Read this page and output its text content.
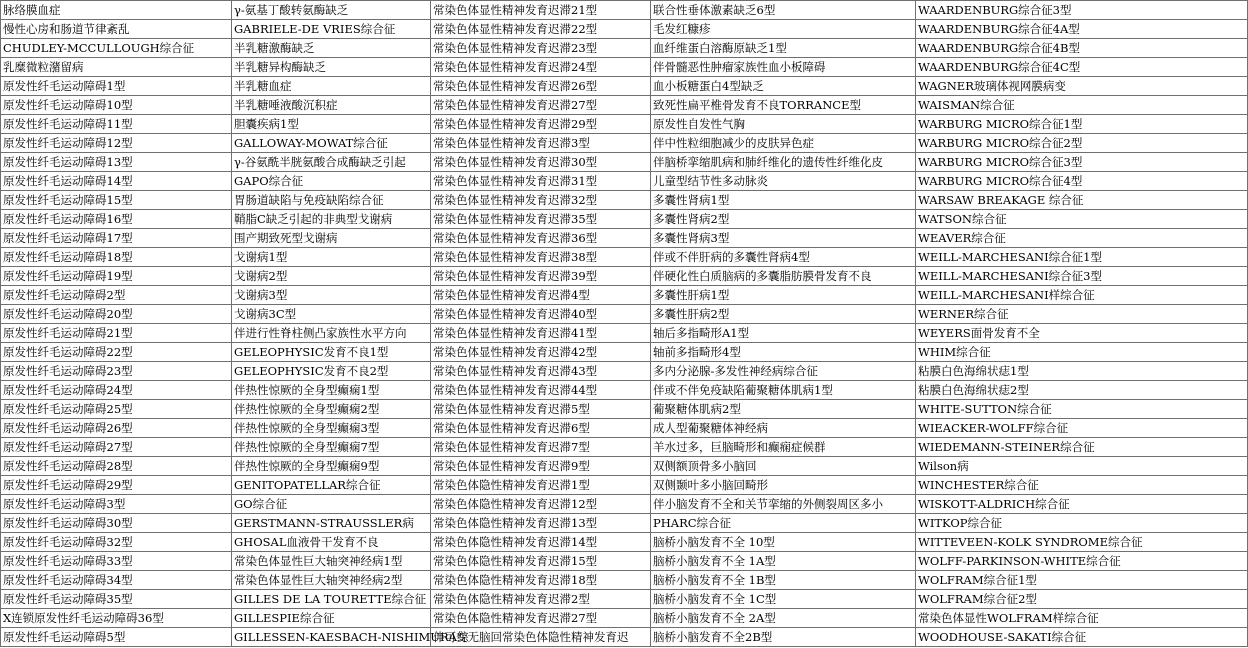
脉络膜血症	γ-氨基丁酸转氨酶缺乏	常染色体显性精神发育迟滞21型	联合性垂体激素缺乏6型	WAARDENBURG综合征3型
慢性心房和肠道节律紊乱	GABRIELE-DE VRIES综合征	常染色体显性精神发育迟滞22型	毛发红糠疹	WAARDENBURG综合征4A型
CHUDLEY-MCCULLOUGH综合征	半乳糖激酶缺乏	常染色体显性精神发育迟滞23型	血纤维蛋白溶酶原缺乏1型	WAARDENBURG综合征4B型
乳糜微粒潴留病	半乳糖异构酶缺乏	常染色体显性精神发育迟滞24型	伴骨髓恶性肿瘤家族性血小板障碍	WAARDENBURG综合征4C型
原发性纤毛运动障碍1型	半乳糖血症	常染色体显性精神发育迟滞26型	血小板糖蛋白4型缺乏	WAGNER玻璃体视网膜病变
原发性纤毛运动障碍10型	半乳糖唾液酸沉积症	常染色体显性精神发育迟滞27型	致死性扁平椎骨发育不良TORRANCE型	WAISMAN综合征
原发性纤毛运动障碍11型	胆囊疾病1型	常染色体显性精神发育迟滞29型	原发性自发性气胸	WARBURG MICRO综合征1型
原发性纤毛运动障碍12型	GALLOWAY-MOWAT综合征	常染色体显性精神发育迟滞3型	伴中性粒细胞减少的皮肤异色症	WARBURG MICRO综合征2型
原发性纤毛运动障碍13型	γ-谷氨酰半胱氨酸合成酶缺乏引起	常染色体显性精神发育迟滞30型	伴脑桥挛缩肌病和肺纤维化的遗传性纤维化皮	WARBURG MICRO综合征3型
原发性纤毛运动障碍14型	GAPO综合征	常染色体显性精神发育迟滞31型	儿童型结节性多动脉炎	WARBURG MICRO综合征4型
原发性纤毛运动障碍15型	胃肠道缺陷与免疫缺陷综合征	常染色体显性精神发育迟滞32型	多囊性肾病1型	WARSAW BREAKAGE 综合征
原发性纤毛运动障碍16型	鞘脂C缺乏引起的非典型戈谢病	常染色体显性精神发育迟滞35型	多囊性肾病2型	WATSON综合征
原发性纤毛运动障碍17型	围产期致死型戈谢病	常染色体显性精神发育迟滞36型	多囊性肾病3型	WEAVER综合征
原发性纤毛运动障碍18型	戈谢病1型	常染色体显性精神发育迟滞38型	伴或不伴肝病的多囊性肾病4型	WEILL-MARCHESANI综合征1型
原发性纤毛运动障碍19型	戈谢病2型	常染色体显性精神发育迟滞39型	伴硬化性白质脑病的多囊脂肪膜骨发育不良	WEILL-MARCHESANI综合征3型
原发性纤毛运动障碍2型	戈谢病3型	常染色体显性精神发育迟滞4型	多囊性肝病1型	WEILL-MARCHESANI样综合征
原发性纤毛运动障碍20型	戈谢病3C型	常染色体显性精神发育迟滞40型	多囊性肝病2型	WERNER综合征
原发性纤毛运动障碍21型	伴进行性脊柱侧凸家族性水平方向	常染色体显性精神发育迟滞41型	轴后多指畸形A1型	WEYERS面骨发育不全
原发性纤毛运动障碍22型	GELEOPHYSIC发育不良1型	常染色体显性精神发育迟滞42型	轴前多指畸形4型	WHIM综合征
原发性纤毛运动障碍23型	GELEOPHYSIC发育不良2型	常染色体显性精神发育迟滞43型	多内分泌腺-多发性神经病综合征	粘膜白色海绵状痣1型
原发性纤毛运动障碍24型	伴热性惊厥的全身型癫痫1型	常染色体显性精神发育迟滞44型	伴或不伴免疫缺陷葡聚糖体肌病1型	粘膜白色海绵状痣2型
原发性纤毛运动障碍25型	伴热性惊厥的全身型癫痫2型	常染色体显性精神发育迟滞5型	葡聚糖体肌病2型	WHITE-SUTTON综合征
原发性纤毛运动障碍26型	伴热性惊厥的全身型癫痫3型	常染色体显性精神发育迟滞6型	成人型葡聚糖体神经病	WIEACKER-WOLFF综合征
原发性纤毛运动障碍27型	伴热性惊厥的全身型癫痫7型	常染色体显性精神发育迟滞7型	羊水过多，巨脑畸形和癫痫症候群	WIEDEMANN-STEINER综合征
原发性纤毛运动障碍28型	伴热性惊厥的全身型癫痫9型	常染色体显性精神发育迟滞9型	双侧额顶骨多小脑回	Wilson病
原发性纤毛运动障碍29型	GENITOPATELLAR综合征	常染色体隐性精神发育迟滞1型	双侧颞叶多小脑回畸形	WINCHESTER综合征
原发性纤毛运动障碍3型	GO综合征	常染色体隐性精神发育迟滞12型	伴小脑发育不全和关节挛缩的外侧裂周区多小	WISKOTT-ALDRICH综合征
原发性纤毛运动障碍30型	GERSTMANN-STRAUSSLER病	常染色体隐性精神发育迟滞13型	PHARC综合征	WITKOP综合征
原发性纤毛运动障碍32型	GHOSAL血液骨干发育不良	常染色体隐性精神发育迟滞14型	脑桥小脑发育不全 10型	WITTEVEEN-KOLK SYNDROME综合征
原发性纤毛运动障碍33型	常染色体显性巨大轴突神经病1型	常染色体隐性精神发育迟滞15型	脑桥小脑发育不全 1A型	WOLFF-PARKINSON-WHITE综合征
原发性纤毛运动障碍34型	常染色体显性巨大轴突神经病2型	常染色体隐性精神发育迟滞18型	脑桥小脑发育不全 1B型	WOLFRAM综合征1型
原发性纤毛运动障碍35型	GILLES DE LA TOURETTE综合征	常染色体隐性精神发育迟滞2型	脑桥小脑发育不全 1C型	WOLFRAM综合征2型
X连锁原发性纤毛运动障碍36型	GILLESPIE综合征	常染色体隐性精神发育迟滞27型	脑桥小脑发育不全 2A型	常染色体显性WOLFRAM样综合征
原发性纤毛运动障碍5型	GILLESSEN-KAESBACH-NISHIMURA综	伴可变无脑回常染色体隐性精神发育迟	脑桥小脑发育不全2B型	WOODHOUSE-SAKATI综合征
